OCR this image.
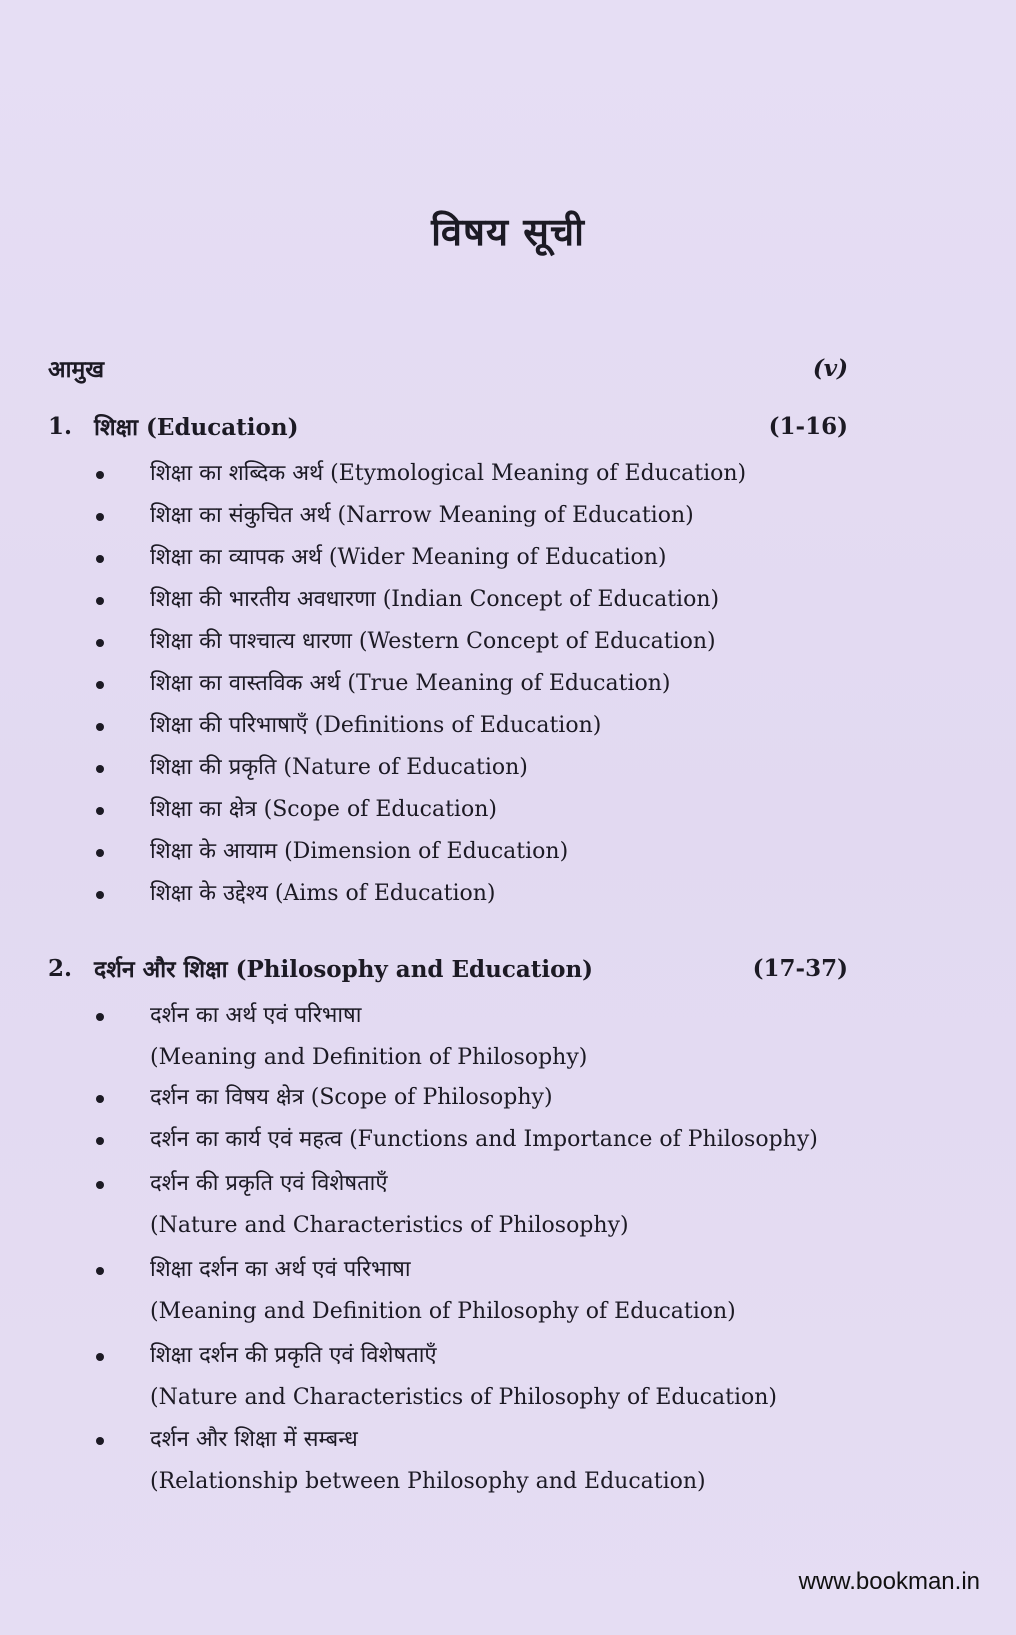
विषय सूची
आमुख	(v)
1. शिक्षा (Education)	(1-16)
शिक्षा का शब्दिक अर्थ (Etymological Meaning of Education)
शिक्षा का संकुचित अर्थ (Narrow Meaning of Education)
शिक्षा का व्यापक अर्थ (Wider Meaning of Education)
शिक्षा की भारतीय अवधारणा (Indian Concept of Education)
शिक्षा की पाश्चात्य धारणा (Western Concept of Education)
शिक्षा का वास्तविक अर्थ (True Meaning of Education)
शिक्षा की परिभाषाएँ (Definitions of Education)
शिक्षा की प्रकृति (Nature of Education)
शिक्षा का क्षेत्र (Scope of Education)
शिक्षा के आयाम (Dimension of Education)
शिक्षा के उद्देश्य (Aims of Education)
2. दर्शन और शिक्षा (Philosophy and Education)	(17-37)
दर्शन का अर्थ एवं परिभाषा
(Meaning and Definition of Philosophy)
दर्शन का विषय क्षेत्र (Scope of Philosophy)
दर्शन का कार्य एवं महत्व (Functions and Importance of Philosophy)
दर्शन की प्रकृति एवं विशेषताएँ
(Nature and Characteristics of Philosophy)
शिक्षा दर्शन का अर्थ एवं परिभाषा
(Meaning and Definition of Philosophy of Education)
शिक्षा दर्शन की प्रकृति एवं विशेषताएँ
(Nature and Characteristics of Philosophy of Education)
दर्शन और शिक्षा में सम्बन्ध
(Relationship between Philosophy and Education)
www.bookman.in
